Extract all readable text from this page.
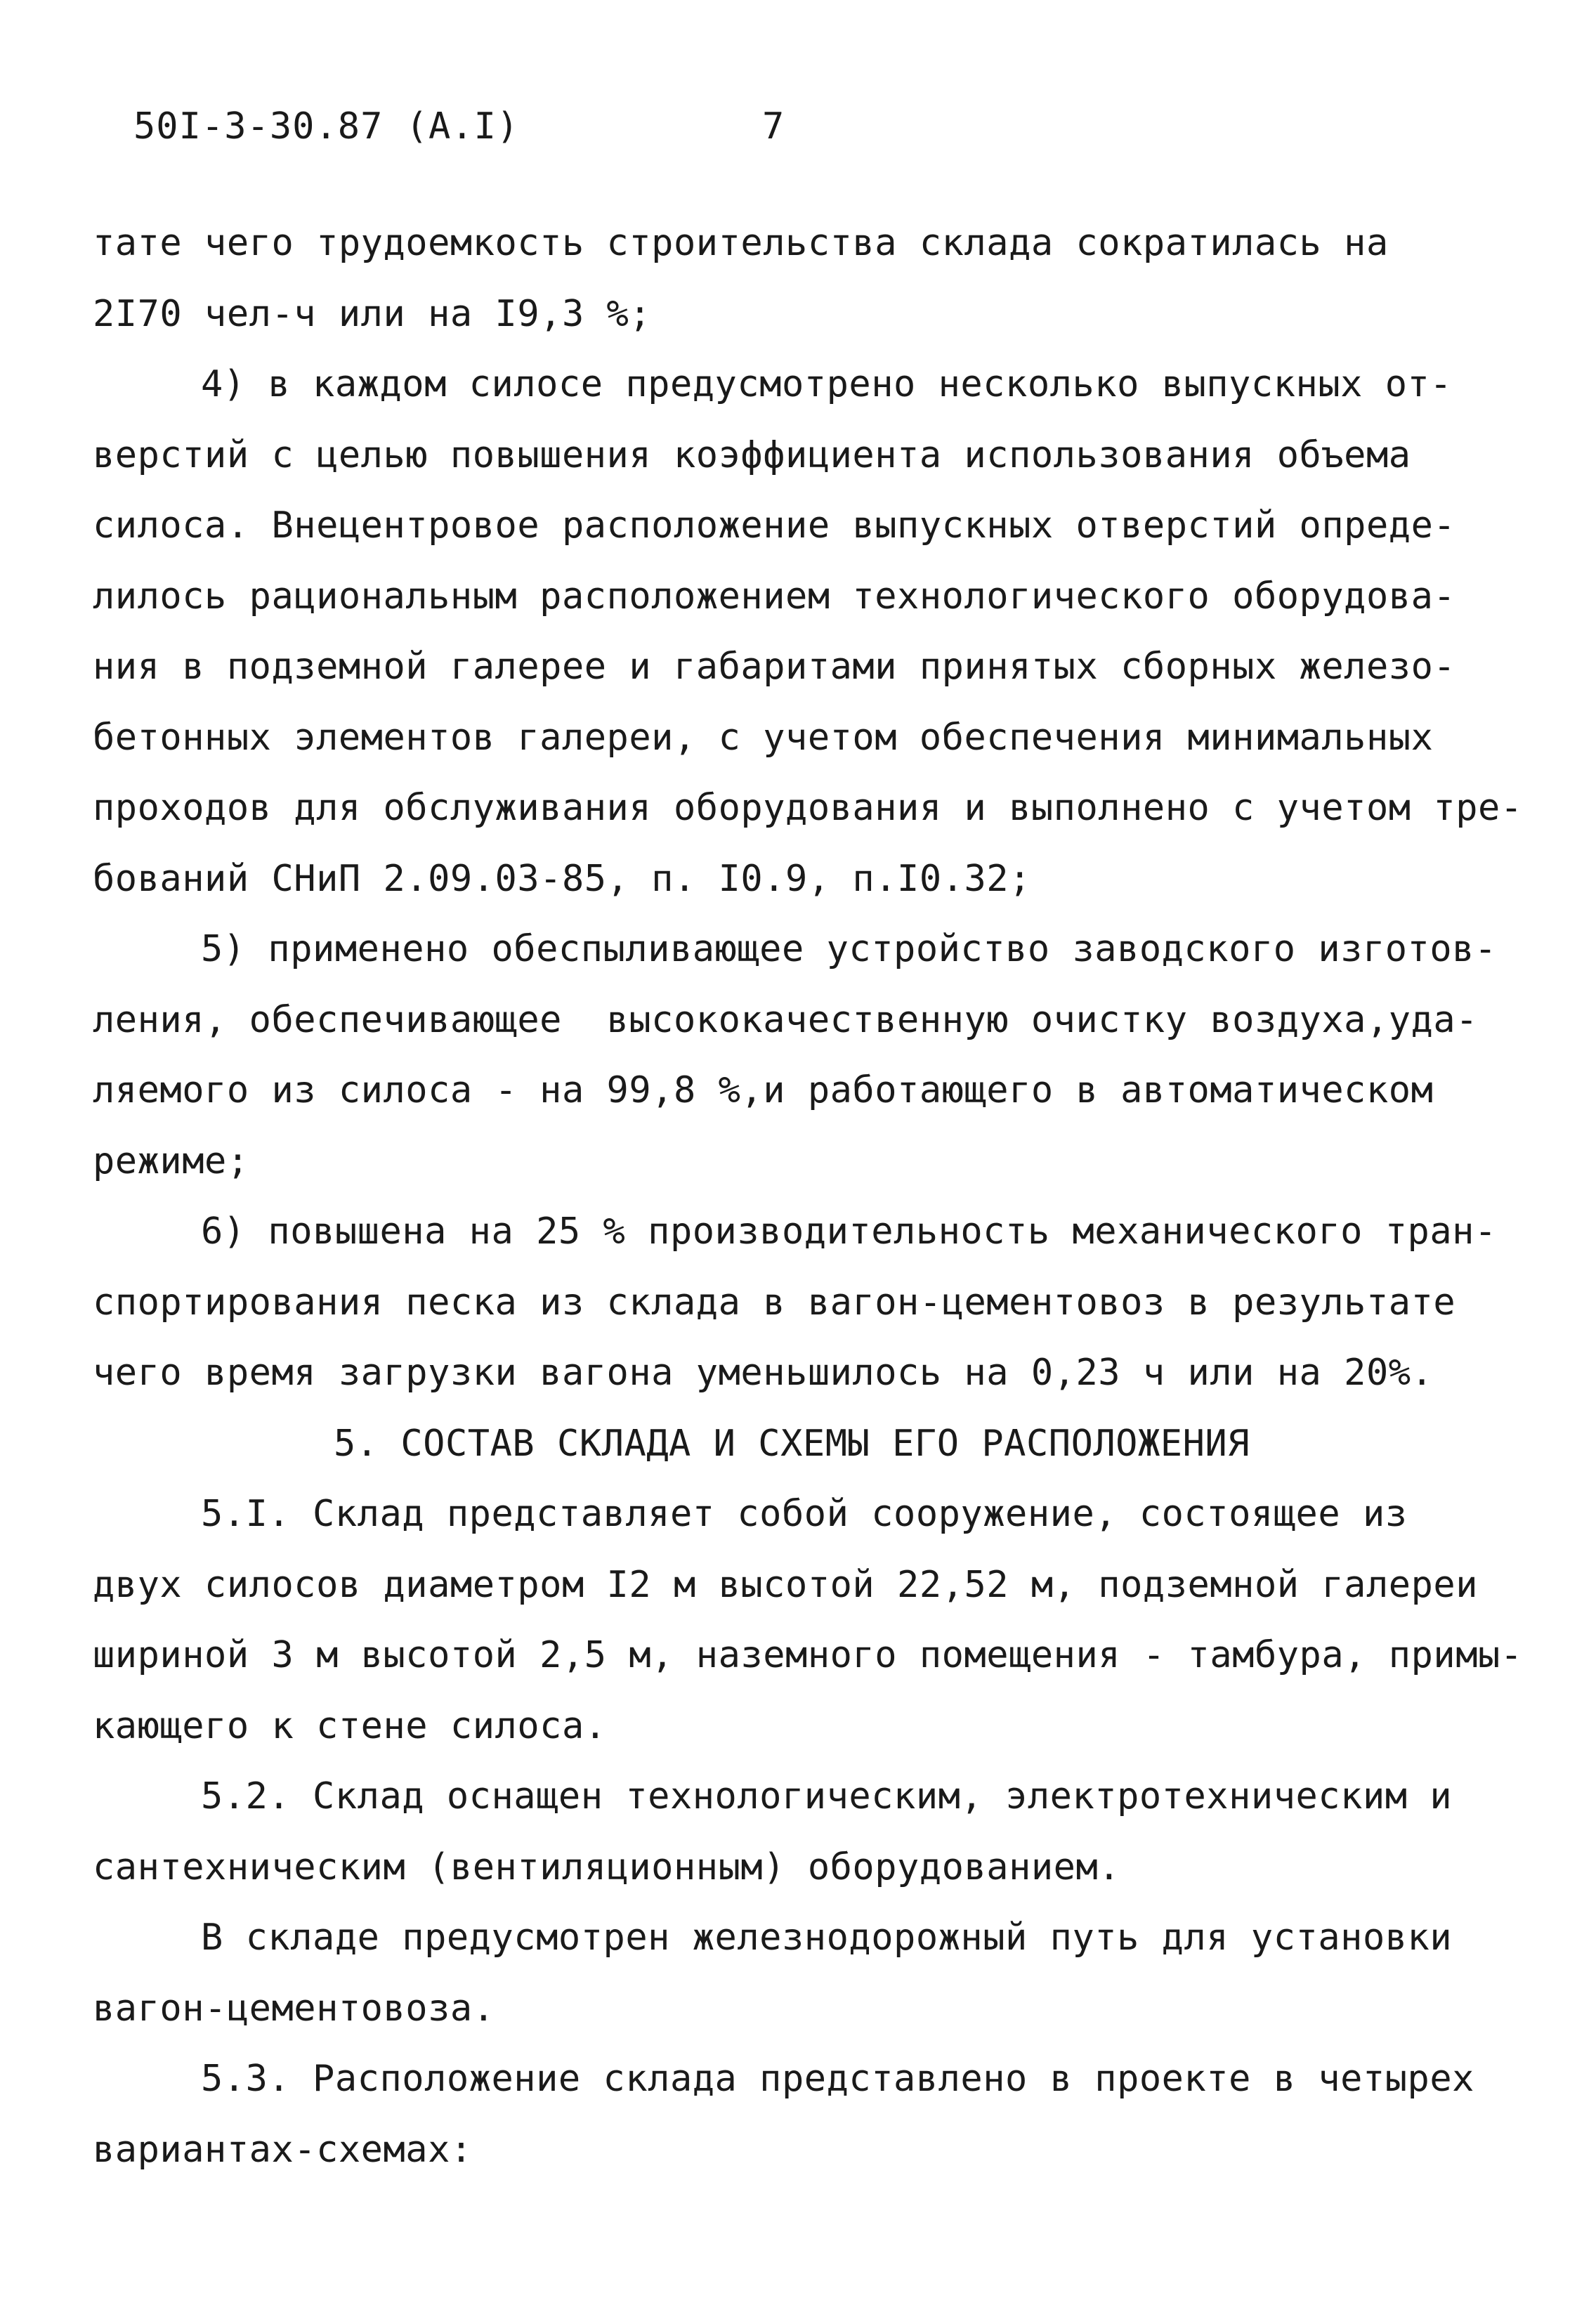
50I-3-30.87 (A.I)	7
тате чего трудоемкость строительства склада сократилась на
2I70 чел-ч или на I9,3 %;
4) в каждом силосе предусмотрено несколько выпускных от-
верстий с целью повышения коэффициента использования объема
силоса. Внецентровое расположение выпускных отверстий опреде-
лилось рациональным расположением технологического оборудова-
ния в подземной галерее и габаритами принятых сборных железо-
бетонных элементов галереи, с учетом обеспечения минимальных
проходов для обслуживания оборудования и выполнено с учетом тре-
бований СНиП 2.09.03-85, п. I0.9, п.I0.32;
5) применено обеспыливающее устройство заводского изготов-
ления, обеспечивающее  высококачественную очистку воздуха,уда-
ляемого из силоса - на 99,8 %,и работающего в автоматическом
режиме;
6) повышена на 25 % производительность механического тран-
спортирования песка из склада в вагон-цементовоз в результате
чего время загрузки вагона уменьшилось на 0,23 ч или на 20%.
5. СОСТАВ СКЛАДА И СХЕМЫ ЕГО РАСПОЛОЖЕНИЯ
5.I. Склад представляет собой сооружение, состоящее из
двух силосов диаметром I2 м высотой 22,52 м, подземной галереи
шириной 3 м высотой 2,5 м, наземного помещения - тамбура, примы-
кающего к стене силоса.
5.2. Склад оснащен технологическим, электротехническим и
сантехническим (вентиляционным) оборудованием.
В складе предусмотрен железнодорожный путь для установки
вагон-цементовоза.
5.3. Расположение склада представлено в проекте в четырех
вариантах-схемах:
